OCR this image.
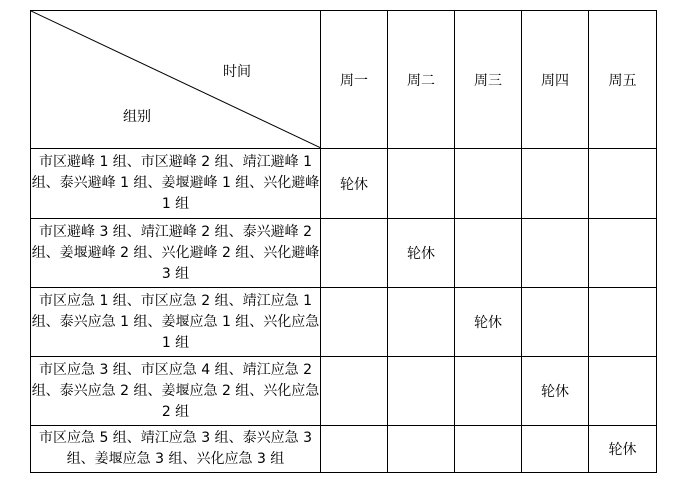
时间
组别	周一	周二	周三	周四	周五
市区避峰 1 组、市区避峰 2 组、靖江避峰 1 组、泰兴避峰 1 组、姜堰避峰 1 组、兴化避峰 1 组	轮休				
市区避峰 3 组、靖江避峰 2 组、泰兴避峰 2 组、姜堰避峰 2 组、兴化避峰 2 组、兴化避峰 3 组		轮休			
市区应急 1 组、市区应急 2 组、靖江应急 1 组、泰兴应急 1 组、姜堰应急 1 组、兴化应急 1 组			轮休		
市区应急 3 组、市区应急 4 组、靖江应急 2 组、泰兴应急 2 组、姜堰应急 2 组、兴化应急 2 组				轮休	
市区应急 5 组、靖江应急 3 组、泰兴应急 3 组、姜堰应急 3 组、兴化应急 3 组					轮休
